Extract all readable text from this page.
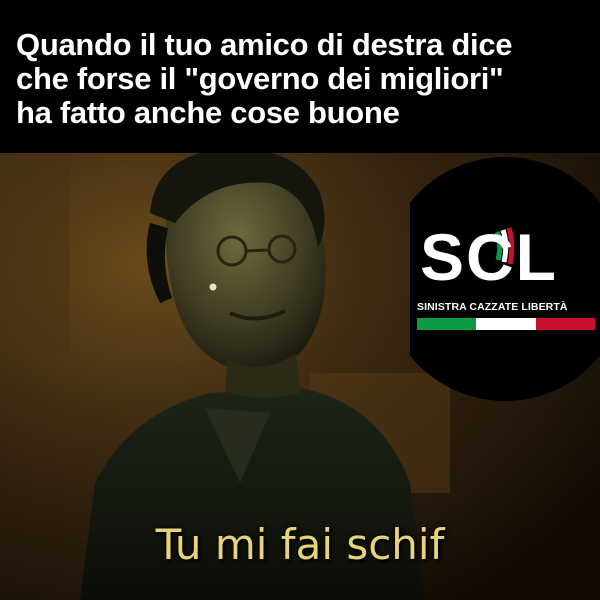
Quando il tuo amico di destra dice
che forse il "governo dei migliori"
ha fatto anche cose buone

SCL
SINISTRA CAZZATE LIBERTÀ
Tu mi fai schif
